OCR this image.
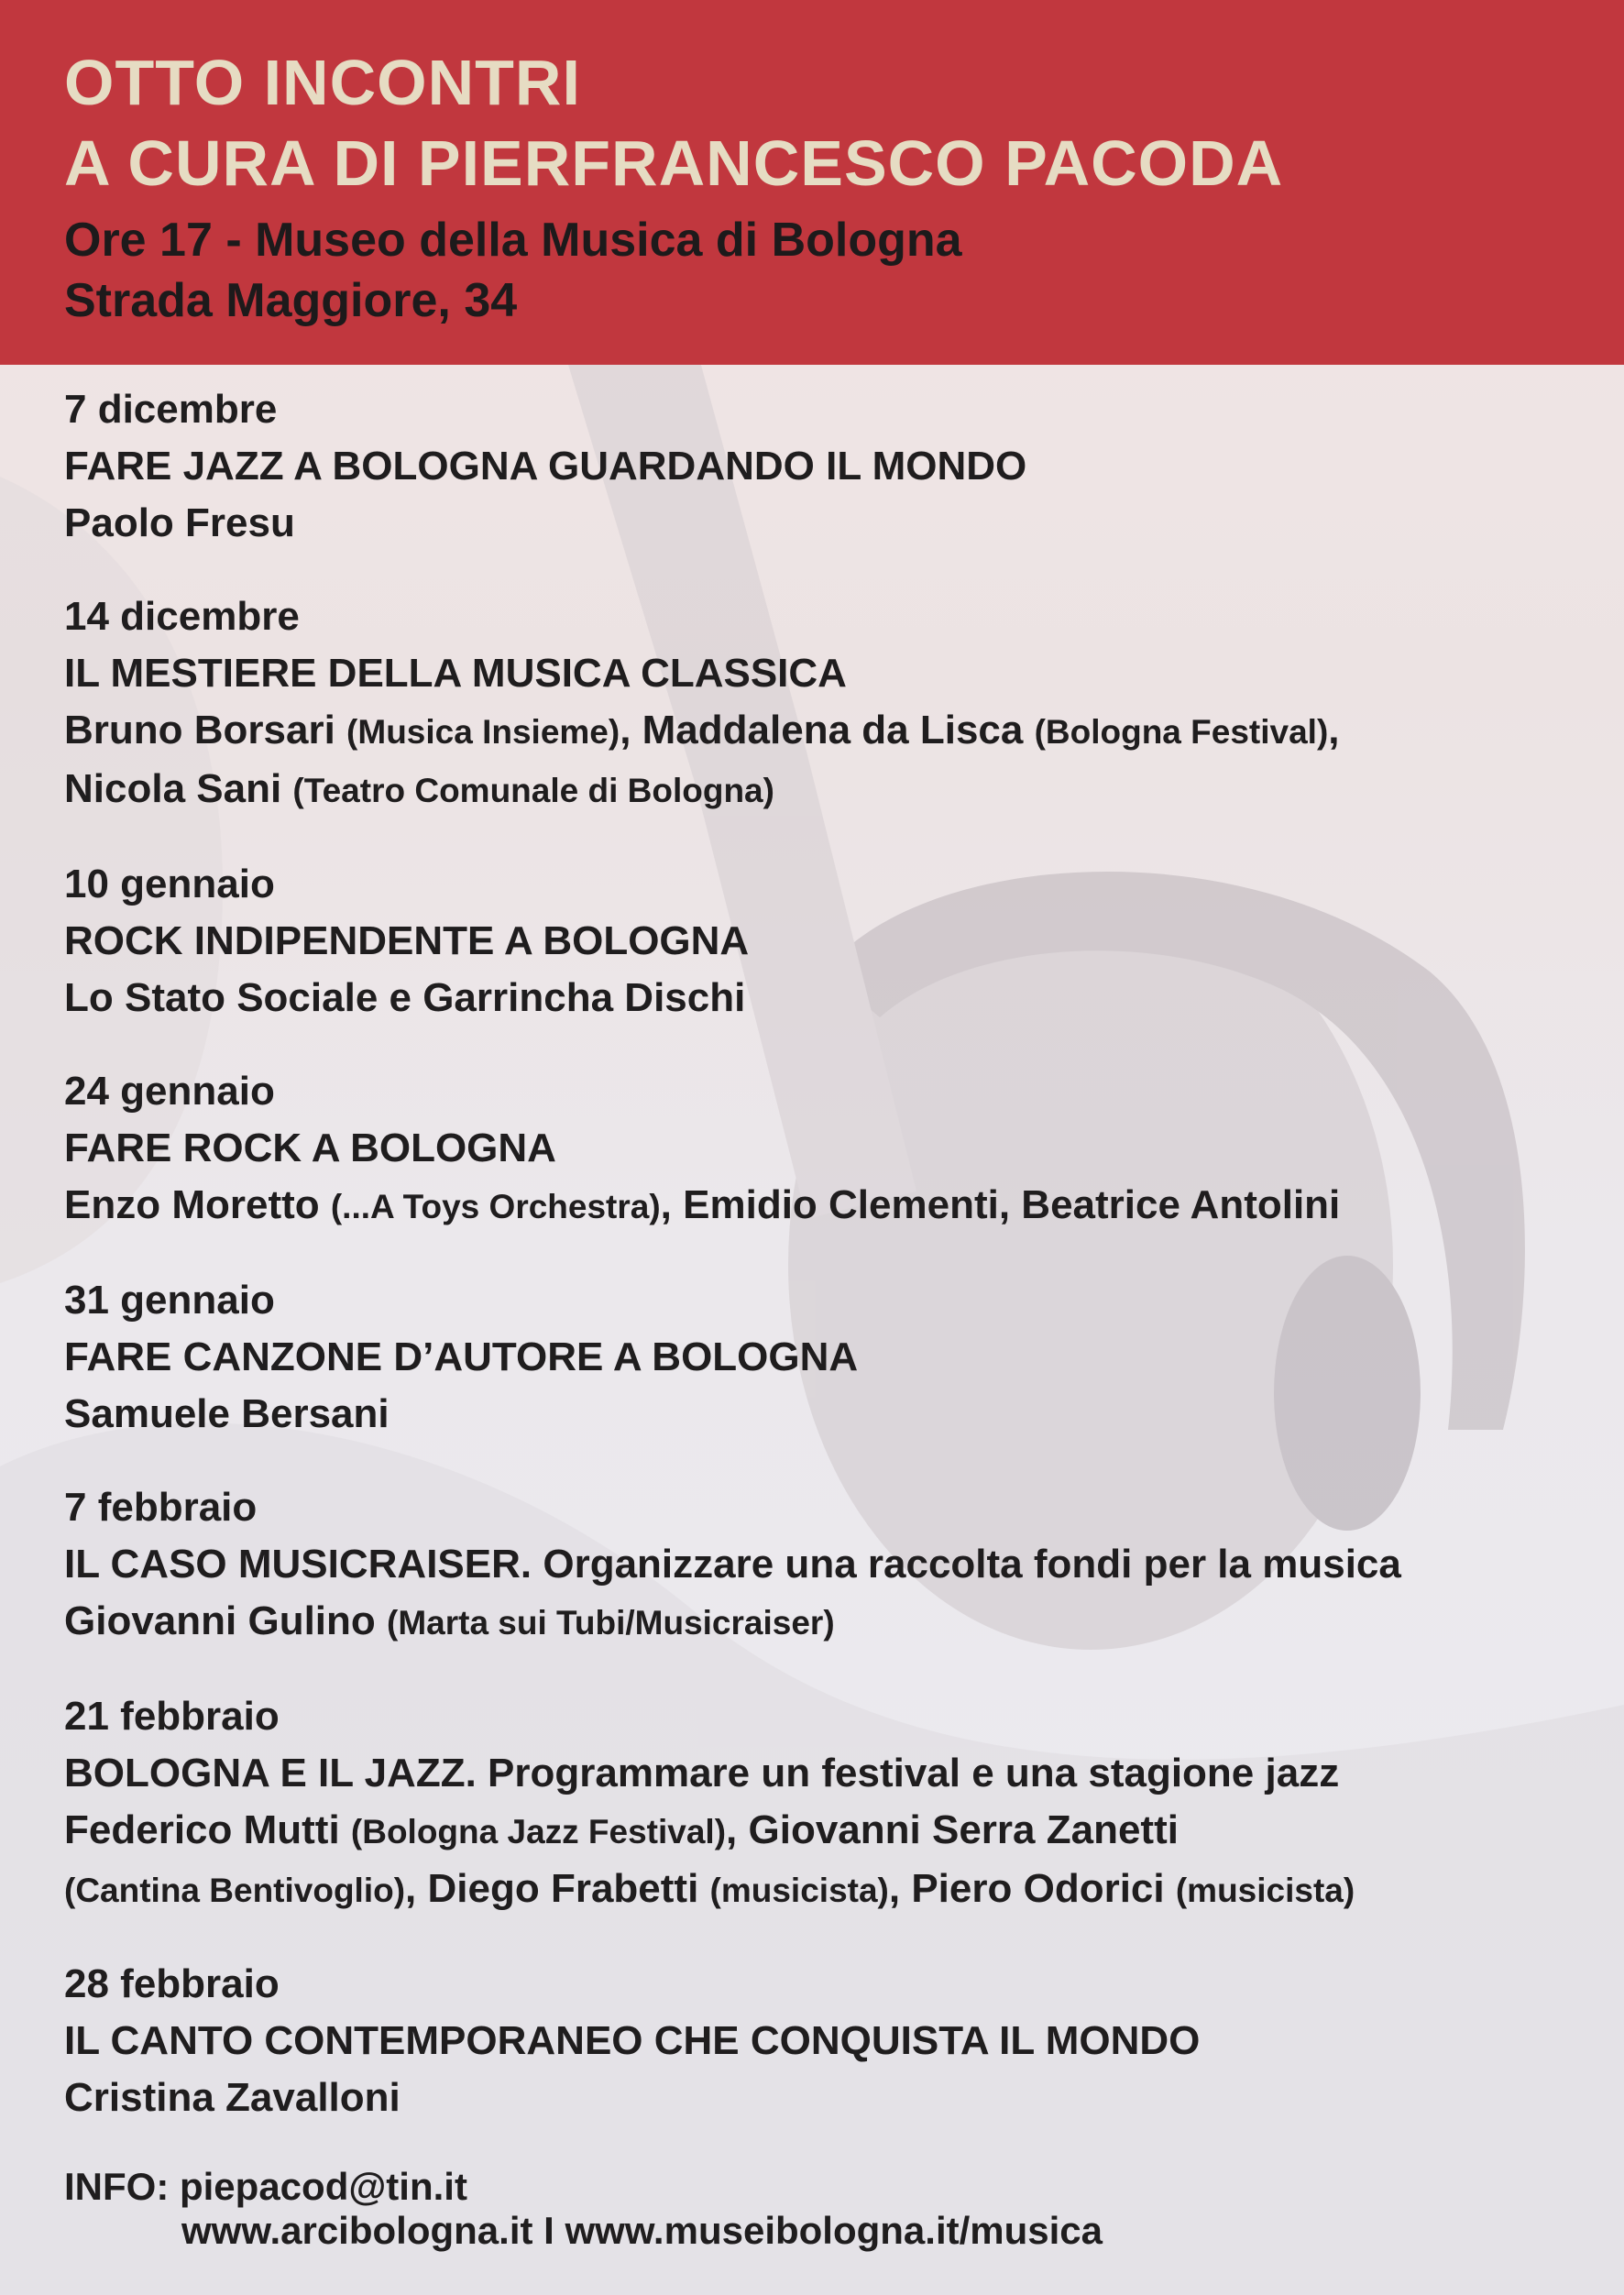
OTTO INCONTRI
A CURA DI PIERFRANCESCO PACODA
Ore 17 - Museo della Musica di Bologna
Strada Maggiore, 34
7 dicembre
FARE JAZZ A BOLOGNA GUARDANDO IL MONDO
Paolo Fresu
14 dicembre
IL MESTIERE DELLA MUSICA CLASSICA
Bruno Borsari (Musica Insieme), Maddalena da Lisca (Bologna Festival),
Nicola Sani (Teatro Comunale di Bologna)
10 gennaio
ROCK INDIPENDENTE A BOLOGNA
Lo Stato Sociale e Garrincha Dischi
24 gennaio
FARE ROCK A BOLOGNA
Enzo Moretto (...A Toys Orchestra), Emidio Clementi, Beatrice Antolini
31 gennaio
FARE CANZONE D’AUTORE A BOLOGNA
Samuele Bersani
7 febbraio
IL CASO MUSICRAISER. Organizzare una raccolta fondi per la musica
Giovanni Gulino (Marta sui Tubi/Musicraiser)
21 febbraio
BOLOGNA E IL JAZZ. Programmare un festival e una stagione jazz
Federico Mutti (Bologna Jazz Festival), Giovanni Serra Zanetti
(Cantina Bentivoglio), Diego Frabetti (musicista), Piero Odorici (musicista)
28 febbraio
IL CANTO CONTEMPORANEO CHE CONQUISTA IL MONDO
Cristina Zavalloni
INFO: piepacod@tin.it
www.arcibologna.it I www.museibologna.it/musica
